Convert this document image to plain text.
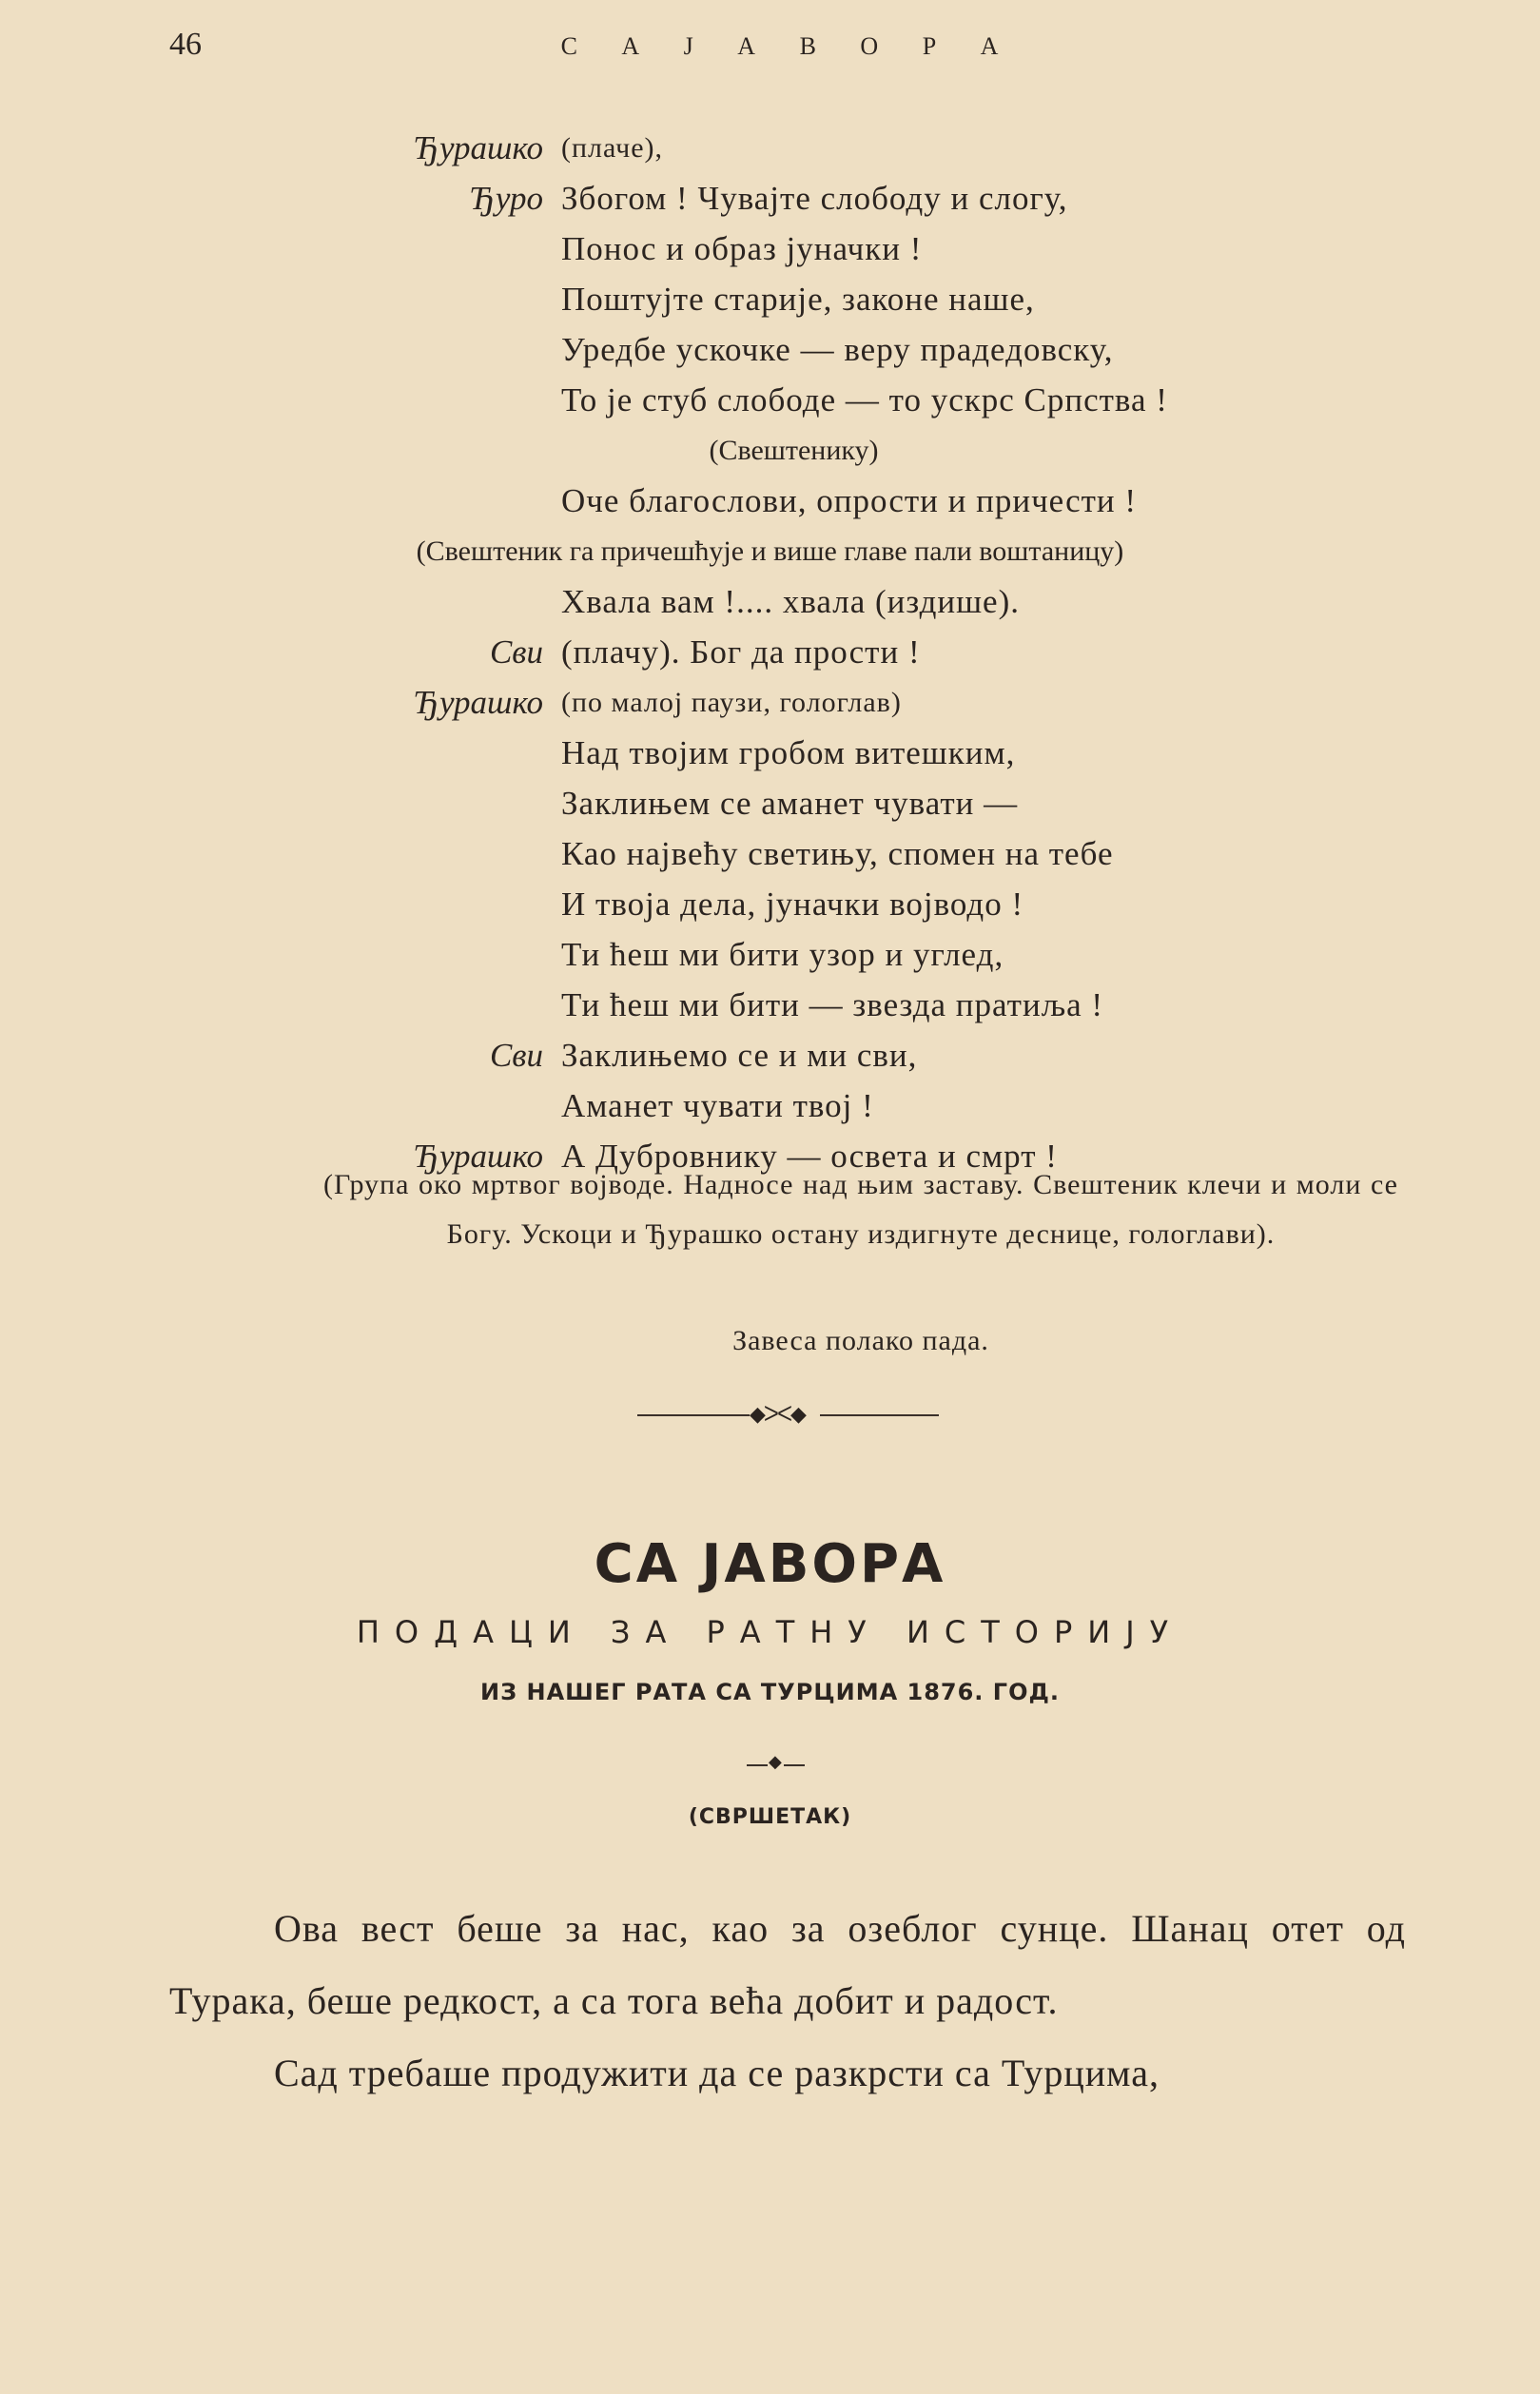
46	С А Ј А В О Р А
Ђурашко (плаче),
Ђуро Збогом ! Чувајте слободу и слогу,
Понос и образ јуначки !
Поштујте старије, законе наше,
Уредбе ускочке — веру прадедовску,
То је стуб слободе — то ускрс Српства !
(Свештенику)
Оче благослови, опрости и причести !
(Свештеник га причешћује и више главе пали воштаницу)
Хвала вам !.... хвала (издише).
Сви (плачу). Бог да прости !
Ђурашко (по малој паузи, гологлав)
Над твојим гробом витешким,
Заклињем се аманет чувати —
Као највећу светињу, спомен на тебе
И твоја дела, јуначки војводо !
Ти ћеш ми бити узор и углед,
Ти ћеш ми бити — звезда пратиља !
Сви Заклињемо се и ми сви,
Аманет чувати твој !
Ђурашко А Дубровнику — освета и смрт !
(Група око мртвог војводе. Надносе над њим заставу. Свештеник клечи и моли се Богу. Ускоци и Ђурашко остану издигнуте деснице, гологлави).
Завеса полако пада.
◆ᐳᐸ◆
СА ЈАВОРА
ПОДАЦИ ЗА РАТНУ ИСТОРИЈУ
ИЗ НАШЕГ РАТА СА ТУРЦИМА 1876. ГОД.
◆
(СВРШЕТАК)

Ова вест беше за нас, као за озеблог сунце. Шанац отет од Турака, беше редкост, а са тога већа добит и радост.

Сад требаше продужити да се разкрсти са Турцима,
